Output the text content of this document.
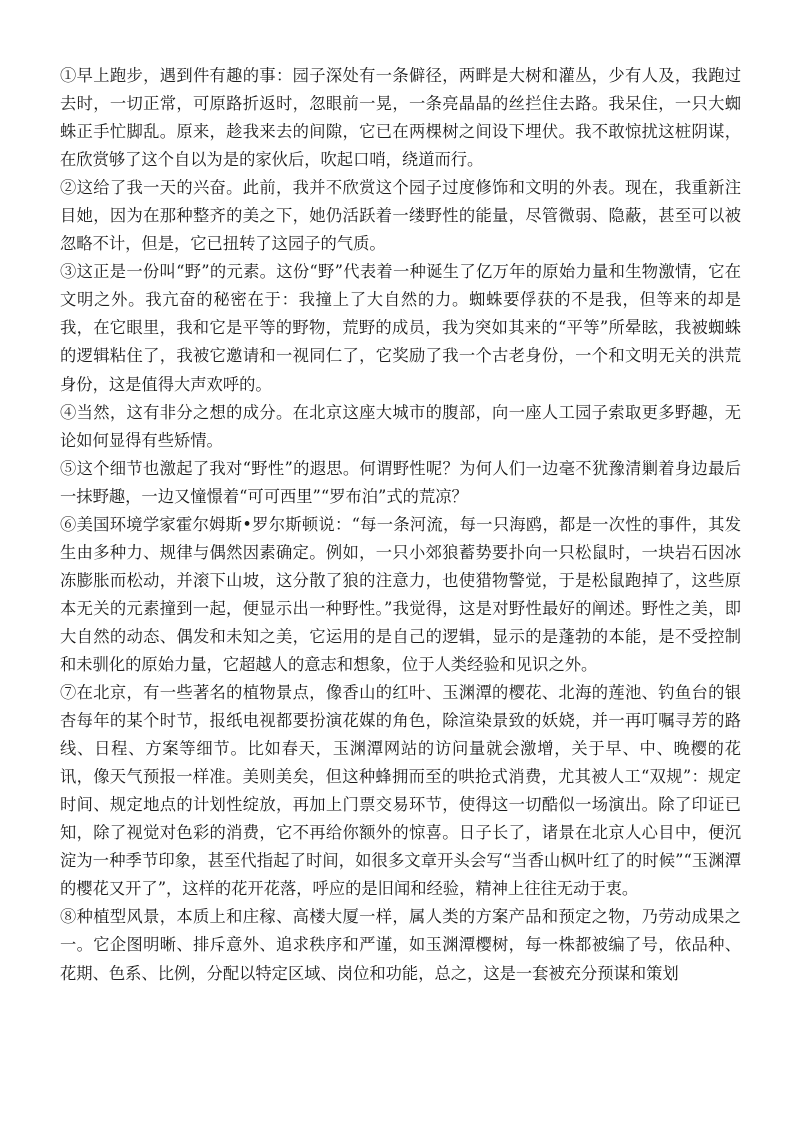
①早上跑步，遇到件有趣的事：园子深处有一条僻径，两畔是大树和灌丛，少有人及，我跑过去时，一切正常，可原路折返时，忽眼前一晃，一条亮晶晶的丝拦住去路。我呆住，一只大蜘蛛正手忙脚乱。原来，趁我来去的间隙，它已在两棵树之间设下埋伏。我不敢惊扰这桩阴谋，在欣赏够了这个自以为是的家伙后，吹起口哨，绕道而行。

②这给了我一天的兴奋。此前，我并不欣赏这个园子过度修饰和文明的外表。现在，我重新注目她，因为在那种整齐的美之下，她仍活跃着一缕野性的能量，尽管微弱、隐蔽，甚至可以被忽略不计，但是，它已扭转了这园子的气质。

③这正是一份叫“野”的元素。这份“野”代表着一种诞生了亿万年的原始力量和生物激情，它在文明之外。我亢奋的秘密在于：我撞上了大自然的力。蜘蛛要俘获的不是我，但等来的却是我，在它眼里，我和它是平等的野物，荒野的成员，我为突如其来的“平等”所晕眩，我被蜘蛛的逻辑粘住了，我被它邀请和一视同仁了，它奖励了我一个古老身份，一个和文明无关的洪荒身份，这是值得大声欢呼的。

④当然，这有非分之想的成分。在北京这座大城市的腹部，向一座人工园子索取更多野趣，无论如何显得有些矫情。

⑤这个细节也激起了我对“野性”的遐思。何谓野性呢？为何人们一边毫不犹豫清剿着身边最后一抹野趣，一边又憧憬着“可可西里”“罗布泊”式的荒凉？

⑥美国环境学家霍尔姆斯•罗尔斯顿说：“每一条河流，每一只海鸥，都是一次性的事件，其发生由多种力、规律与偶然因素确定。例如，一只小郊狼蓄势要扑向一只松鼠时，一块岩石因冰冻膨胀而松动，并滚下山坡，这分散了狼的注意力，也使猎物警觉，于是松鼠跑掉了，这些原本无关的元素撞到一起，便显示出一种野性。”我觉得，这是对野性最好的阐述。野性之美，即大自然的动态、偶发和未知之美，它运用的是自己的逻辑，显示的是蓬勃的本能，是不受控制和未驯化的原始力量，它超越人的意志和想象，位于人类经验和见识之外。

⑦在北京，有一些著名的植物景点，像香山的红叶、玉渊潭的樱花、北海的莲池、钓鱼台的银杏每年的某个时节，报纸电视都要扮演花媒的角色，除渲染景致的妖娆，并一再叮嘱寻芳的路线、日程、方案等细节。比如春天，玉渊潭网站的访问量就会激增，关于早、中、晚樱的花讯，像天气预报一样准。美则美矣，但这种蜂拥而至的哄抢式消费，尤其被人工“双规”：规定时间、规定地点的计划性绽放，再加上门票交易环节，使得这一切酷似一场演出。除了印证已知，除了视觉对色彩的消费，它不再给你额外的惊喜。日子长了，诸景在北京人心目中，便沉淀为一种季节印象，甚至代指起了时间，如很多文章开头会写“当香山枫叶红了的时候”“玉渊潭的樱花又开了”，这样的花开花落，呼应的是旧闻和经验，精神上往往无动于衷。

⑧种植型风景，本质上和庄稼、高楼大厦一样，属人类的方案产品和预定之物，乃劳动成果之一。它企图明晰、排斥意外、追求秩序和严谨，如玉渊潭樱树，每一株都被编了号，依品种、花期、色系、比例，分配以特定区域、岗位和功能，总之，这是一套被充分预谋和策划
